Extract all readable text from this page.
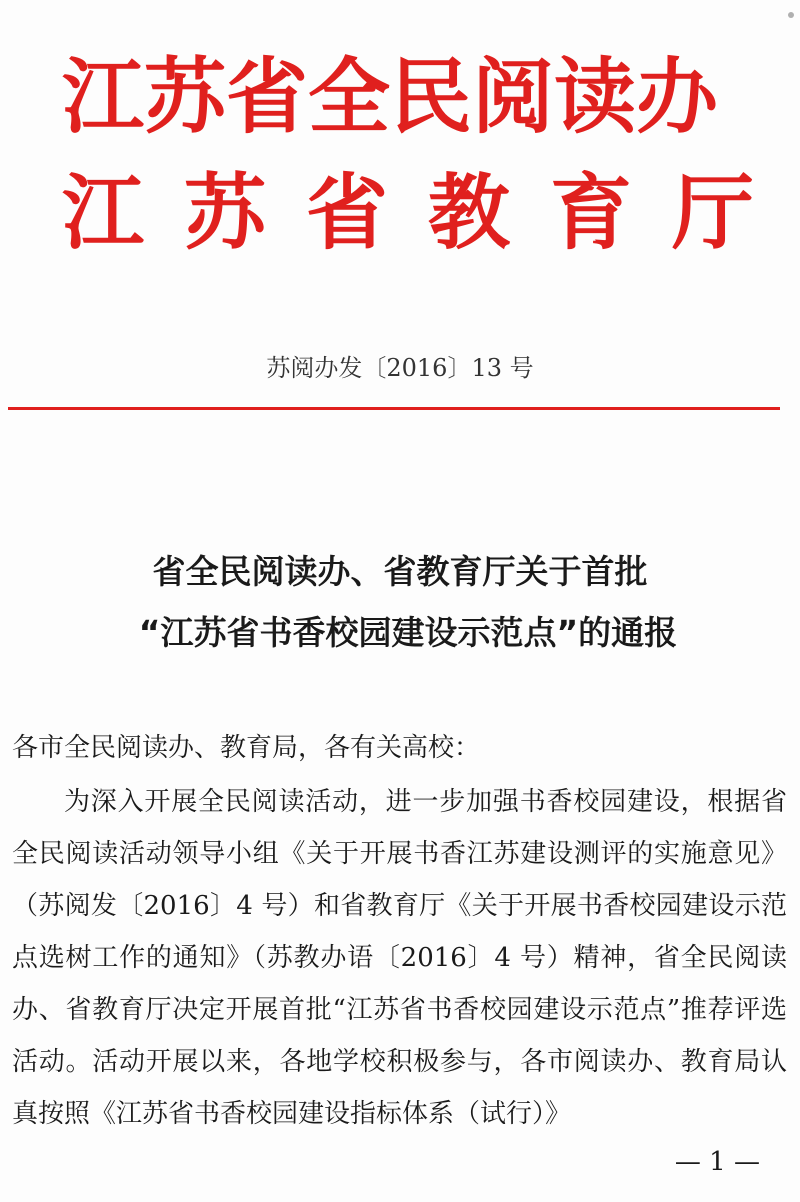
江苏省全民阅读办
江苏省教育厅
苏阅办发〔2016〕13 号
省全民阅读办、省教育厅关于首批
“江苏省书香校园建设示范点”的通报
各市全民阅读办、教育局，各有关高校：
为深入开展全民阅读活动，进一步加强书香校园建设，根据省全民阅读活动领导小组《关于开展书香江苏建设测评的实施意见》（苏阅发〔2016〕4 号）和省教育厅《关于开展书香校园建设示范点选树工作的通知》（苏教办语〔2016〕4 号）精神，省全民阅读办、省教育厅决定开展首批“江苏省书香校园建设示范点”推荐评选活动。活动开展以来，各地学校积极参与，各市阅读办、教育局认真按照《江苏省书香校园建设指标体系（试行）》
— 1 —
